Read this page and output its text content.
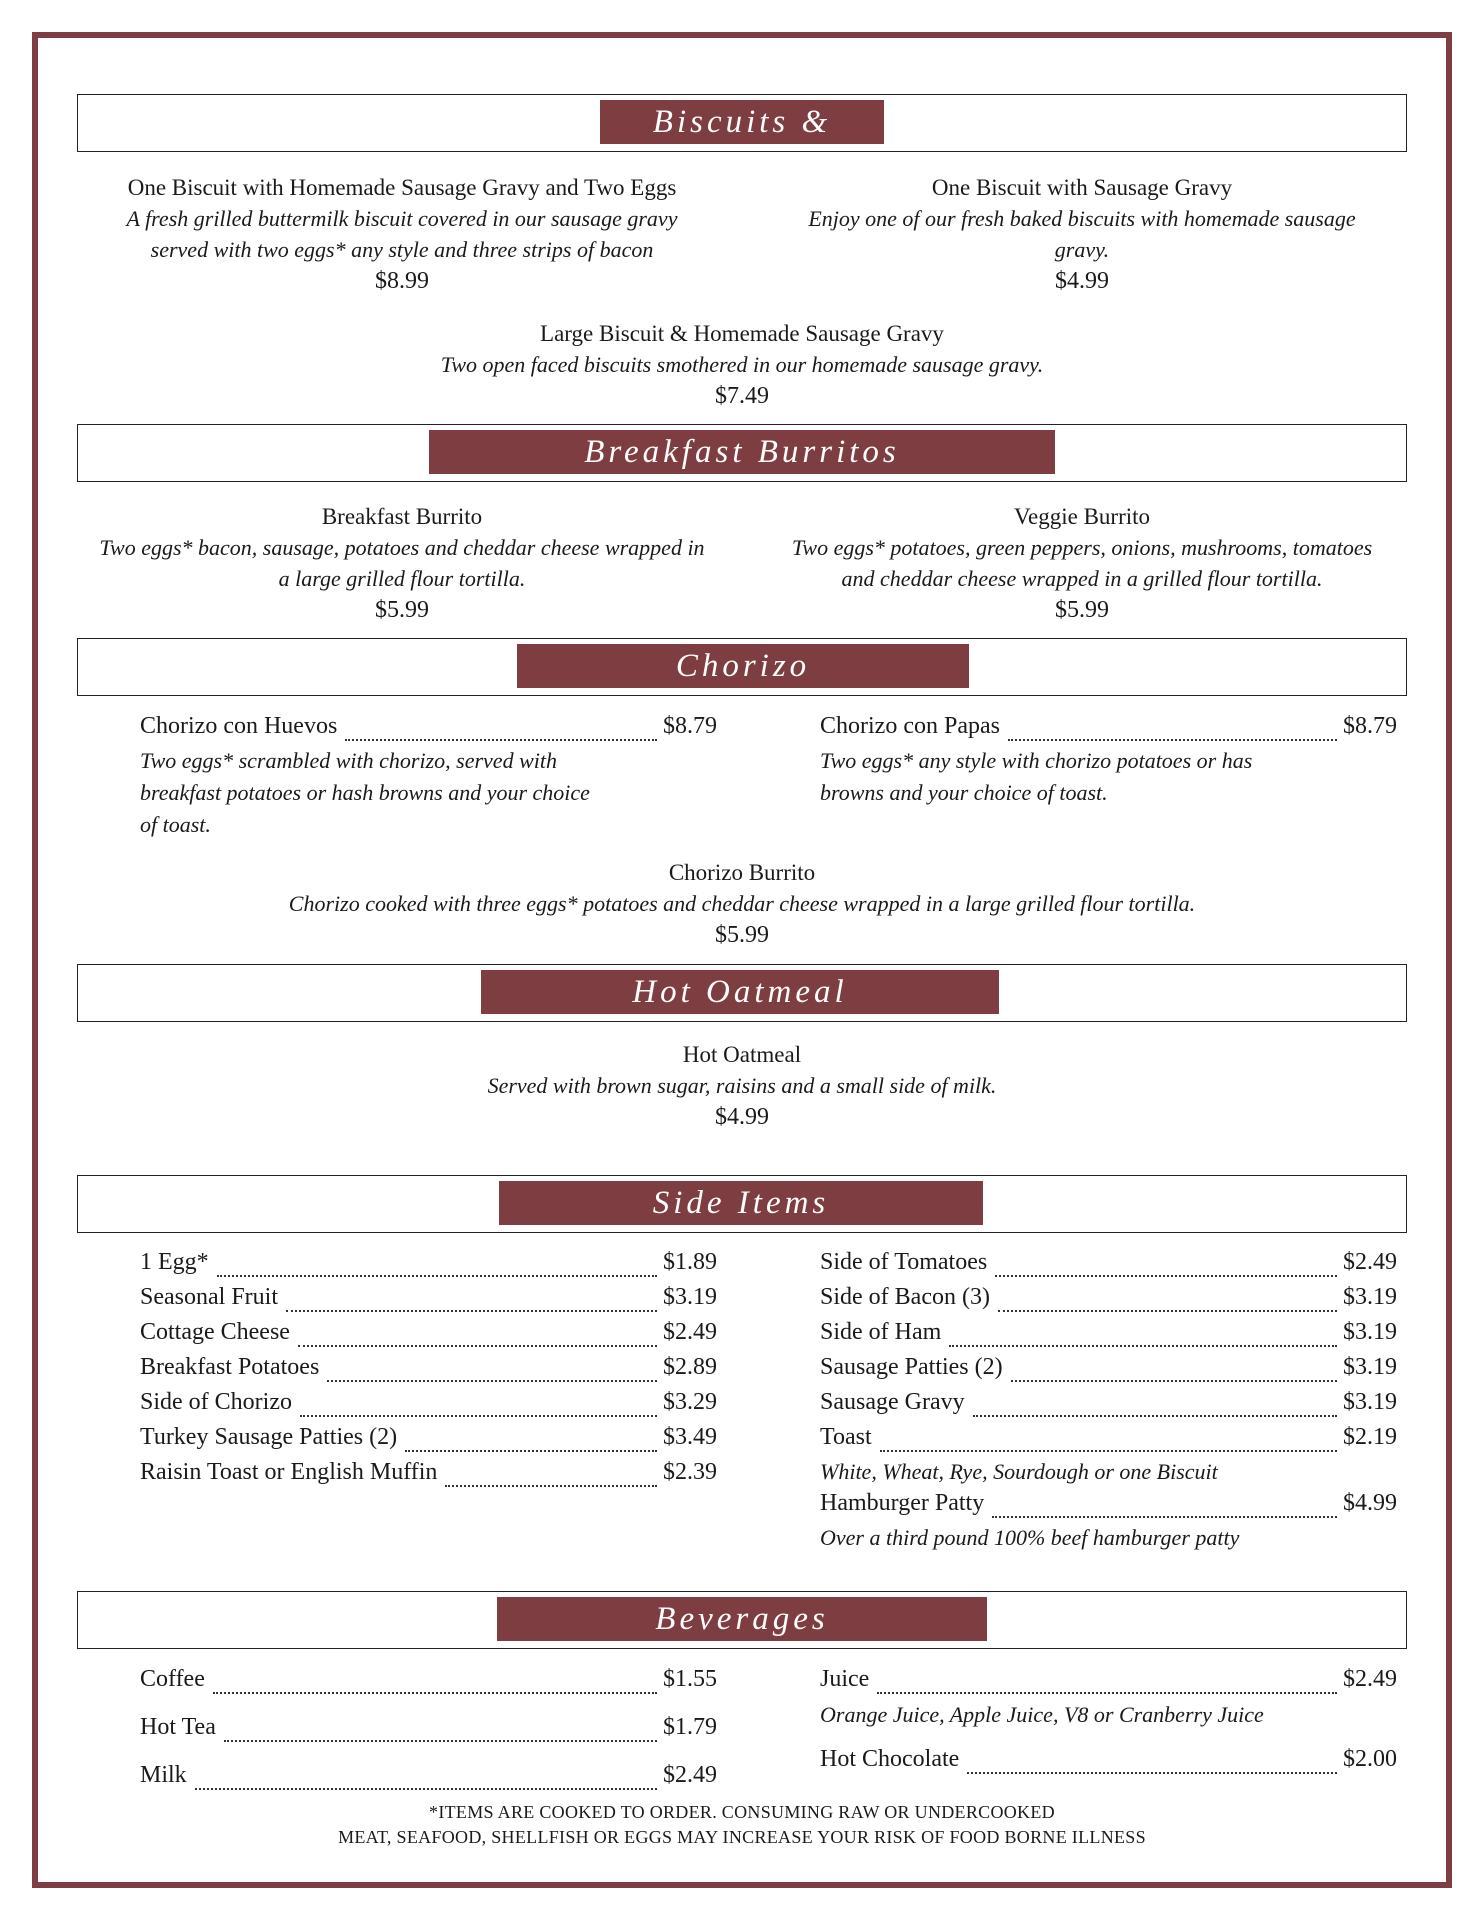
Biscuits & Gravy
One Biscuit with Homemade Sausage Gravy and Two Eggs
A fresh grilled buttermilk biscuit covered in our sausage gravy
served with two eggs* any style and three strips of bacon
$8.99
One Biscuit with Sausage Gravy
Enjoy one of our fresh baked biscuits with homemade sausage
gravy.
$4.99
Large Biscuit & Homemade Sausage Gravy
Two open faced biscuits smothered in our homemade sausage gravy.
$7.49
Breakfast Burritos
Breakfast Burrito
Two eggs* bacon, sausage, potatoes and cheddar cheese wrapped in
a large grilled flour tortilla.
$5.99
Veggie Burrito
Two eggs* potatoes, green peppers, onions, mushrooms, tomatoes
and cheddar cheese wrapped in a grilled flour tortilla.
$5.99
Chorizo
Chorizo con Huevos	$8.79
Two eggs* scrambled with chorizo, served with
breakfast potatoes or hash browns and your choice
of toast.
Chorizo con Papas	$8.79
Two eggs* any style with chorizo potatoes or has
browns and your choice of toast.
Chorizo Burrito
Chorizo cooked with three eggs* potatoes and cheddar cheese wrapped in a large grilled flour tortilla.
$5.99
Hot Oatmeal
Hot Oatmeal
Served with brown sugar, raisins and a small side of milk.
$4.99
Side Items
1 Egg*	$1.89
Seasonal Fruit	$3.19
Cottage Cheese	$2.49
Breakfast Potatoes	$2.89
Side of Chorizo	$3.29
Turkey Sausage Patties (2)	$3.49
Raisin Toast or English Muffin	$2.39
Side of Tomatoes	$2.49
Side of Bacon (3)	$3.19
Side of Ham	$3.19
Sausage Patties (2)	$3.19
Sausage Gravy	$3.19
Toast	$2.19
White, Wheat, Rye, Sourdough or one Biscuit
Hamburger Patty	$4.99
Over a third pound 100% beef hamburger patty
Beverages
Coffee	$1.55
Hot Tea	$1.79
Milk	$2.49
Juice	$2.49
Orange Juice, Apple Juice, V8 or Cranberry Juice
Hot Chocolate	$2.00
*ITEMS ARE COOKED TO ORDER. CONSUMING RAW OR UNDERCOOKED
MEAT, SEAFOOD, SHELLFISH OR EGGS MAY INCREASE YOUR RISK OF FOOD BORNE ILLNESS
